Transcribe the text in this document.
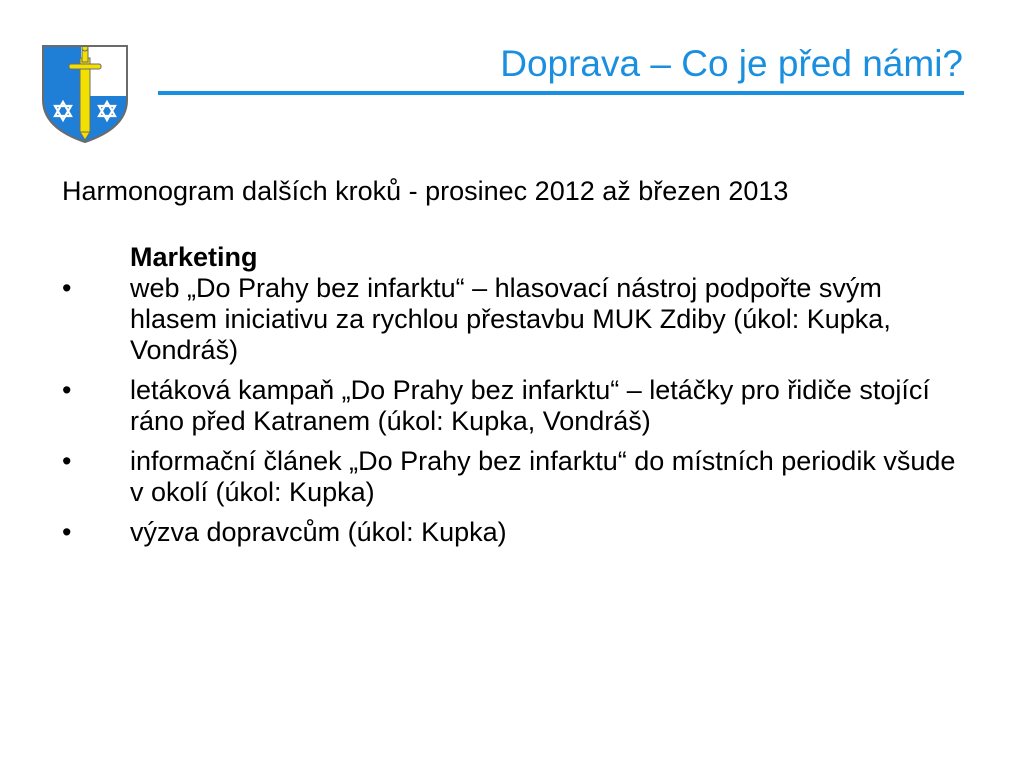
Doprava – Co je před námi?

Harmonogram dalších kroků - prosinec 2012 až březen 2013

Marketing

• web „Do Prahy bez infarktu“ – hlasovací nástroj podpořte svým hlasem iniciativu za rychlou přestavbu MUK Zdiby (úkol: Kupka, Vondráš)
• letáková kampaň „Do Prahy bez infarktu“ – letáčky pro řidiče stojící ráno před Katranem (úkol: Kupka, Vondráš)
• informační článek „Do Prahy bez infarktu“ do místních periodik všude v okolí (úkol: Kupka)
• výzva dopravcům (úkol: Kupka)
